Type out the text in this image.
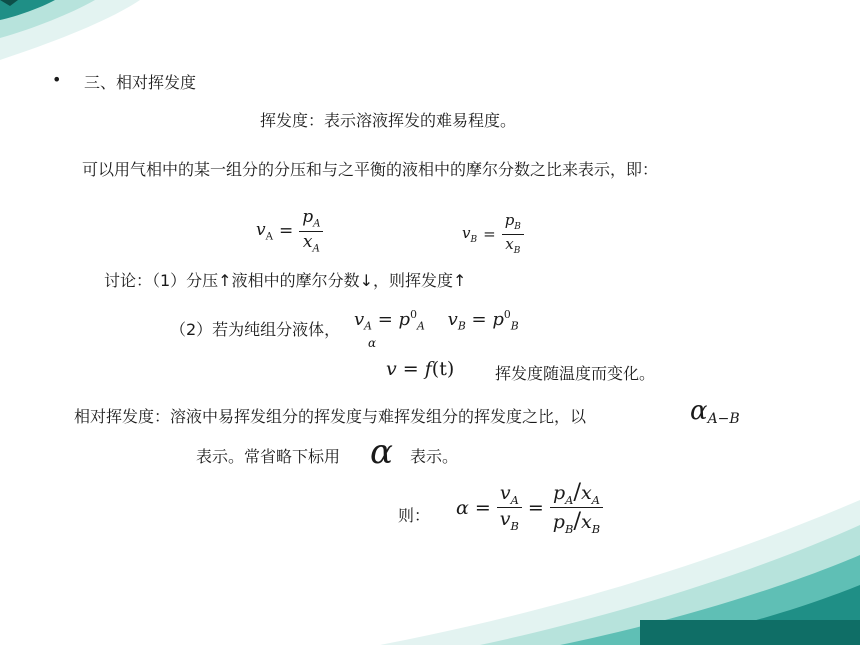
• 三、相对挥发度
挥发度：表示溶液挥发的难易程度。
可以用气相中的某一组分的分压和与之平衡的液相中的摩尔分数之比来表示，即：
$v_A = \frac{p_A}{x_A}$	$v_B = \frac{p_B}{x_B}$
讨论：（1）分压↑液相中的摩尔分数↓，则挥发度↑
（2）若为纯组分液体， $v_A = p^0_A$ $v_B = p^0_B$
α
v = f(t)	挥发度随温度而变化。
相对挥发度：溶液中易挥发组分的挥发度与难挥发组分的挥发度之比，以	$\alpha_{A-B}$
表示。常省略下标用 α 表示。
则： $\alpha = \frac{v_A}{v_B} = \frac{p_A/x_A}{p_B/x_B}$
